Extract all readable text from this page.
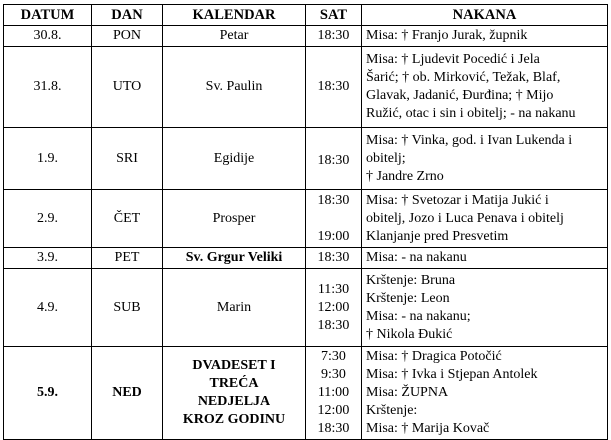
DATUM	DAN	KALENDAR	SAT	NAKANA
30.8.	PON	Petar	18:30	Misa: † Franjo Jurak, župnik

31.8.	UTO	Sv. Paulin	18:30	Misa: † Ljudevit Pocedić i Jela
Šarić; † ob. Mirković, Težak, Blaf,
Glavak, Jadanić, Đurđina; † Mijo
Ružić, otac i sin i obitelj; - na nakanu

1.9.	SRI	Egidije	18:30	Misa: † Vinka, god. i Ivan Lukenda i
obitelj;
† Jandre Zrno

2.9.	ČET	Prosper	18:30
19:00	Misa: † Svetozar i Matija Jukić i
obitelj, Jozo i Luca Penava i obitelj
Klanjanje pred Presvetim

3.9.	PET	Sv. Grgur Veliki	18:30	Misa: - na nakanu

4.9.	SUB	Marin	11:30
12:00
18:30	Krštenje: Bruna
Krštenje: Leon
Misa: - na nakanu;
† Nikola Đukić

5.9.	NED	DVADESET I TREĆA NEDJELJA KROZ GODINU	7:30
9:30
11:00
12:00
18:30	Misa: † Dragica Potočić
Misa: † Ivka i Stjepan Antolek
Misa: ŽUPNA
Krštenje:
Misa: † Marija Kovač
